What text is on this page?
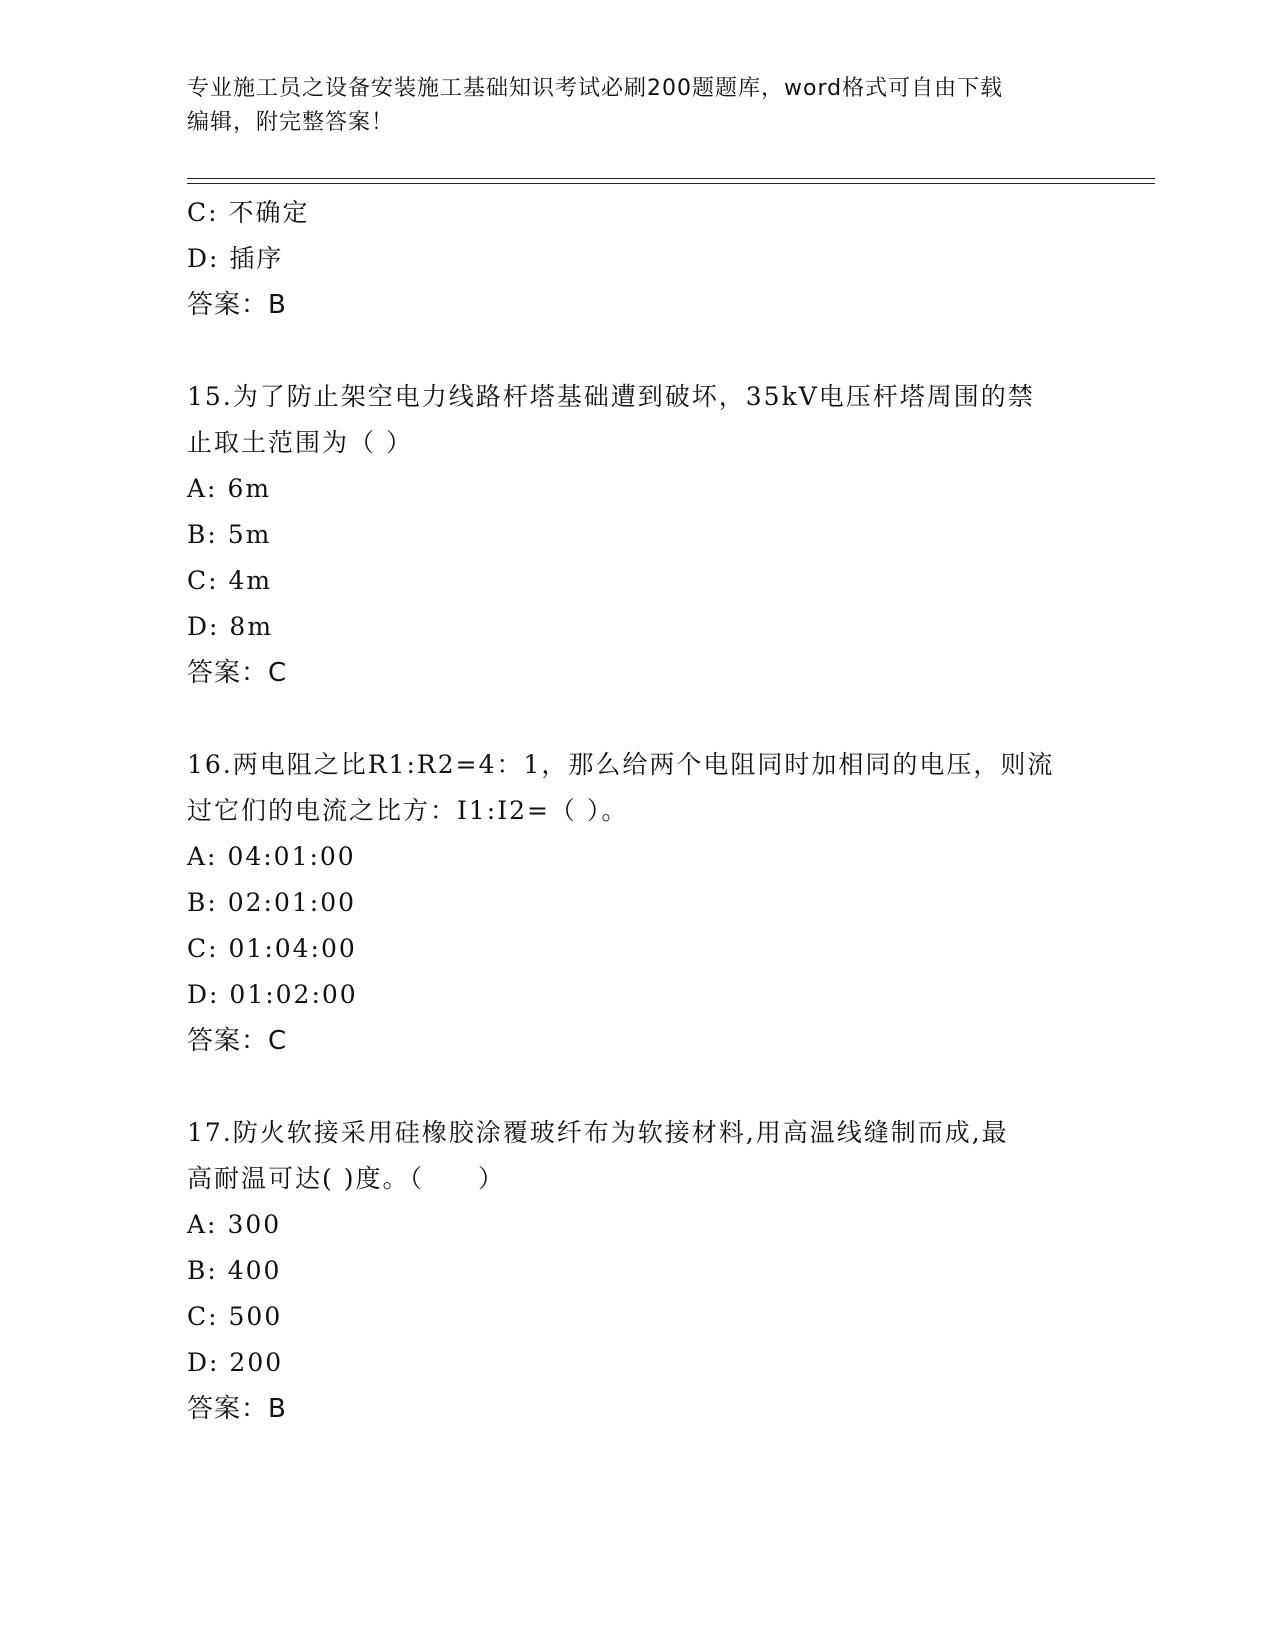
专业施工员之设备安装施工基础知识考试必刷200题题库，word格式可自由下载
编辑，附完整答案！
C: 不确定
D: 插序
答案：B
15.为了防止架空电力线路杆塔基础遭到破坏，35kV电压杆塔周围的禁
止取土范围为（ ）
A: 6m
B: 5m
C: 4m
D: 8m
答案：C
16.两电阻之比R1:R2=4：1，那么给两个电阻同时加相同的电压，则流
过它们的电流之比方：I1:I2=（ ）。
A: 04:01:00
B: 02:01:00
C: 01:04:00
D: 01:02:00
答案：C
17.防火软接采用硅橡胶涂覆玻纤布为软接材料,用高温线缝制而成,最
高耐温可达( )度。（　　）
A: 300
B: 400
C: 500
D: 200
答案：B
